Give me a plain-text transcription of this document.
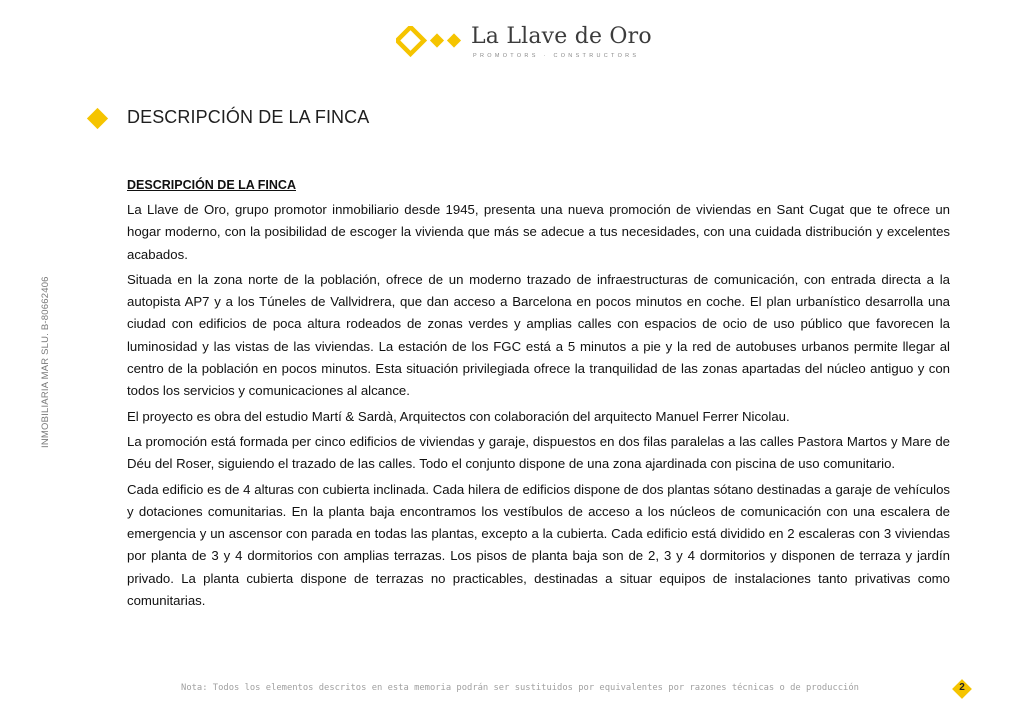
La Llave de Oro
PROMOTORS · CONSTRUCTORS
INMOBILIARIA MAR SLU. B-80662406
DESCRIPCIÓN DE LA FINCA

DESCRIPCIÓN DE LA FINCA

La Llave de Oro, grupo promotor inmobiliario desde 1945, presenta una nueva promoción de viviendas en Sant Cugat que te ofrece un hogar moderno, con la posibilidad de escoger la vivienda que más se adecue a tus necesidades, con una cuidada distribución y excelentes acabados.

Situada en la zona norte de la población, ofrece de un moderno trazado de infraestructuras de comunicación, con entrada directa a la autopista AP7 y a los Túneles de Vallvidrera, que dan acceso a Barcelona en pocos minutos en coche. El plan urbanístico desarrolla una ciudad con edificios de poca altura rodeados de zonas verdes y amplias calles con espacios de ocio de uso público que favorecen la luminosidad y las vistas de las viviendas. La estación de los FGC está a 5 minutos a pie y la red de autobuses urbanos permite llegar al centro de la población en pocos minutos. Esta situación privilegiada ofrece la tranquilidad de las zonas apartadas del núcleo antiguo y con todos los servicios y comunicaciones al alcance.

El proyecto es obra del estudio Martí & Sardà, Arquitectos con colaboración del arquitecto Manuel Ferrer Nicolau.

La promoción está formada per cinco edificios de viviendas y garaje, dispuestos en dos filas paralelas a las calles Pastora Martos y Mare de Déu del Roser, siguiendo el trazado de las calles. Todo el conjunto dispone de una zona ajardinada con piscina de uso comunitario.

Cada edificio es de 4 alturas con cubierta inclinada. Cada hilera de edificios dispone de dos plantas sótano destinadas a garaje de vehículos y dotaciones comunitarias. En la planta baja encontramos los vestíbulos de acceso a los núcleos de comunicación con una escalera de emergencia y un ascensor con parada en todas las plantas, excepto a la cubierta. Cada edificio está dividido en 2 escaleras con 3 viviendas por planta de 3 y 4 dormitorios con amplias terrazas. Los pisos de planta baja son de 2, 3 y 4 dormitorios y disponen de terraza y jardín privado. La planta cubierta dispone de terrazas no practicables, destinadas a situar equipos de instalaciones tanto privativas como comunitarias.

Nota: Todos los elementos descritos en esta memoria podrán ser sustituidos por equivalentes por razones técnicas o de producción	2
